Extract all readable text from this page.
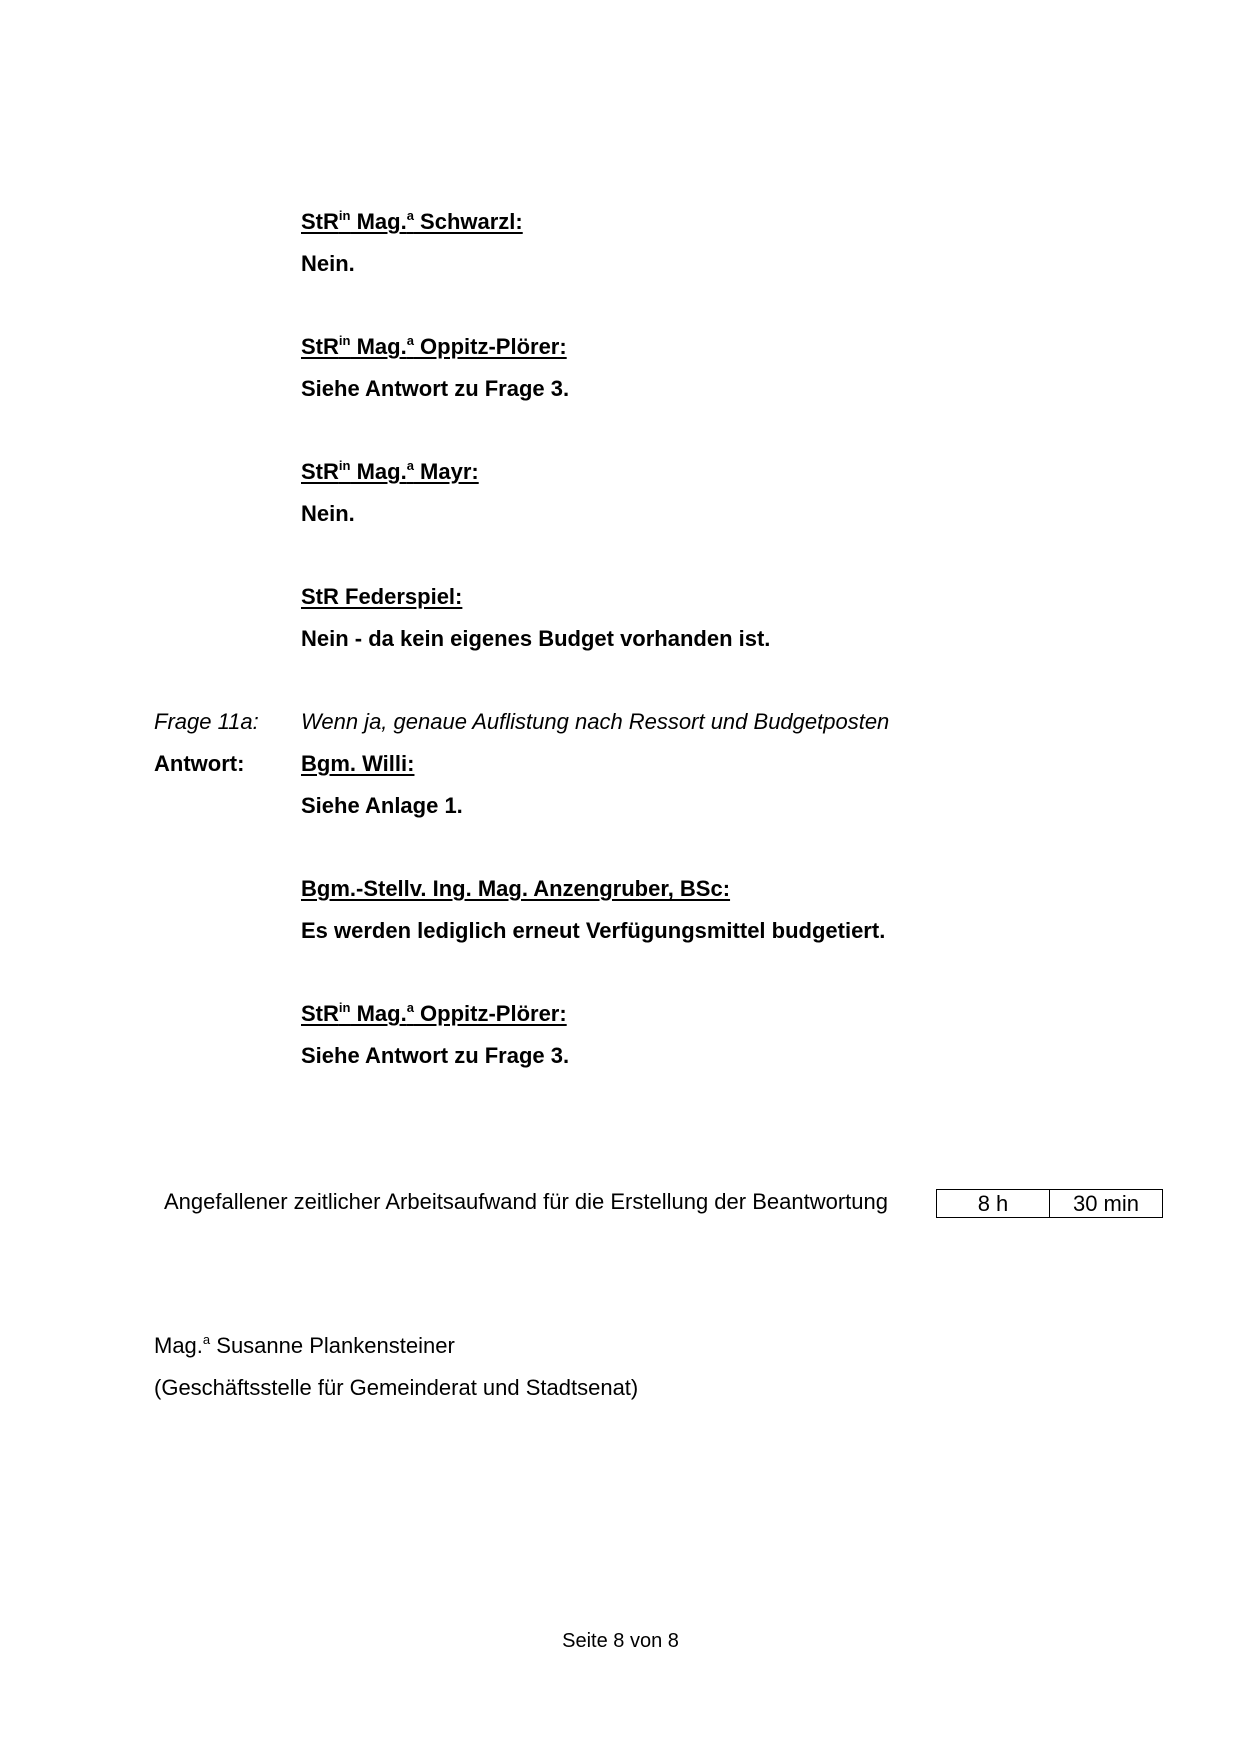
StR$^{in}$ Mag.$^a$ Schwarzl:
Nein.
StR$^{in}$ Mag.$^a$ Oppitz-Plörer:
Siehe Antwort zu Frage 3.
StR$^{in}$ Mag.$^a$ Mayr:
Nein.
StR Federspiel:
Nein - da kein eigenes Budget vorhanden ist.
Frage 11a: Wenn ja, genaue Auflistung nach Ressort und Budgetposten
Antwort:	Bgm. Willi:
Siehe Anlage 1.
Bgm.-Stellv. Ing. Mag. Anzengruber, BSc:
Es werden lediglich erneut Verfügungsmittel budgetiert.
StR$^{in}$ Mag.$^a$ Oppitz-Plörer:
Siehe Antwort zu Frage 3.
Angefallener zeitlicher Arbeitsaufwand für die Erstellung der Beantwortung	8 h	30 min
Mag.$^a$ Susanne Plankensteiner
(Geschäftsstelle für Gemeinderat und Stadtsenat)
Seite 8 von 8
